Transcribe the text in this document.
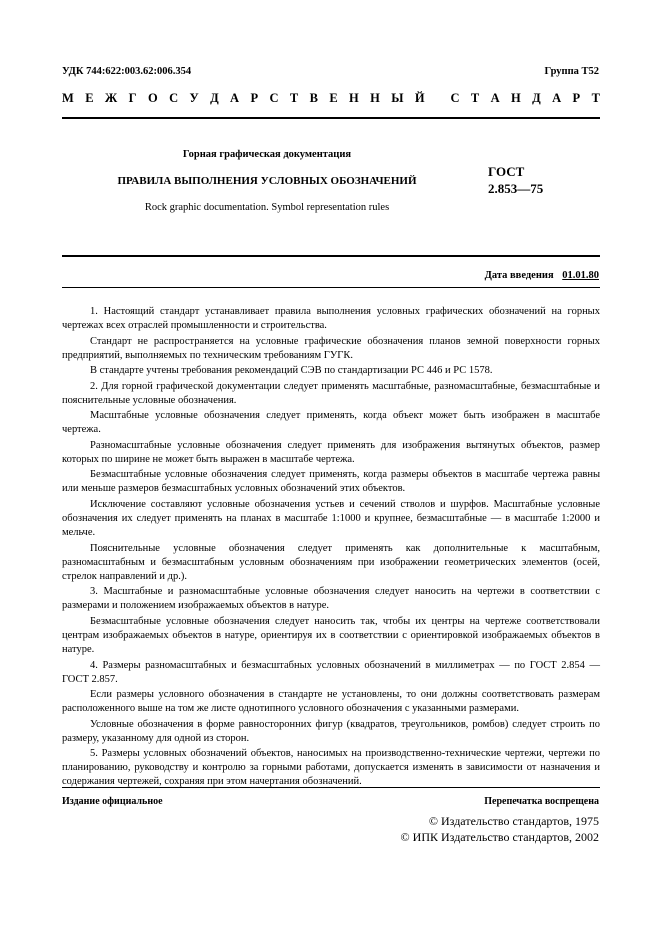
УДК 744:622:003.62:006.354	Группа Т52
М Е Ж Г О С У Д А Р С Т В Е Н Н Ы Й
С Т А Н Д А Р Т
Горная графическая документация
ПРАВИЛА ВЫПОЛНЕНИЯ УСЛОВНЫХ ОБОЗНАЧЕНИЙ
Rock graphic documentation. Symbol representation rules
ГОСТ
2.853—75
Дата введения 01.01.80

1. Настоящий стандарт устанавливает правила выполнения условных графических обозначений на горных чертежах всех отраслей промышленности и строительства.

Стандарт не распространяется на условные графические обозначения планов земной поверхности горных предприятий, выполняемых по техническим требованиям ГУГК.

В стандарте учтены требования рекомендаций СЭВ по стандартизации РС 446 и РС 1578.

2. Для горной графической документации следует применять масштабные, разномасштабные, безмасштабные и пояснительные условные обозначения.

Масштабные условные обозначения следует применять, когда объект может быть изображен в масштабе чертежа.

Разномасштабные условные обозначения следует применять для изображения вытянутых объектов, размер которых по ширине не может быть выражен в масштабе чертежа.

Безмасштабные условные обозначения следует применять, когда размеры объектов в масштабе чертежа равны или меньше размеров безмасштабных условных обозначений этих объектов.

Исключение составляют условные обозначения устьев и сечений стволов и шурфов. Масштабные условные обозначения их следует применять на планах в масштабе 1:1000 и крупнее, безмасштабные — в масштабе 1:2000 и мельче.

Пояснительные условные обозначения следует применять как дополнительные к масштабным, разномасштабным и безмасштабным условным обозначениям при изображении геометрических элементов (осей, стрелок направлений и др.).

3. Масштабные и разномасштабные условные обозначения следует наносить на чертежи в соответствии с размерами и положением изображаемых объектов в натуре.

Безмасштабные условные обозначения следует наносить так, чтобы их центры на чертеже соответствовали центрам изображаемых объектов в натуре, ориентируя их в соответствии с ориентировкой изображаемых объектов в натуре.

4. Размеры разномасштабных и безмасштабных условных обозначений в миллиметрах — по ГОСТ 2.854 — ГОСТ 2.857.

Если размеры условного обозначения в стандарте не установлены, то они должны соответствовать размерам расположенного выше на том же листе однотипного условного обозначения с указанными размерами.

Условные обозначения в форме равносторонних фигур (квадратов, треугольников, ромбов) следует строить по размеру, указанному для одной из сторон.

5. Размеры условных обозначений объектов, наносимых на производственно-технические чертежи, чертежи по планированию, руководству и контролю за горными работами, допускается изменять в зависимости от назначения и содержания чертежей, сохраняя при этом начертания обозначений.

Издание официальное	Перепечатка воспрещена
© Издательство стандартов, 1975
© ИПК Издательство стандартов, 2002
